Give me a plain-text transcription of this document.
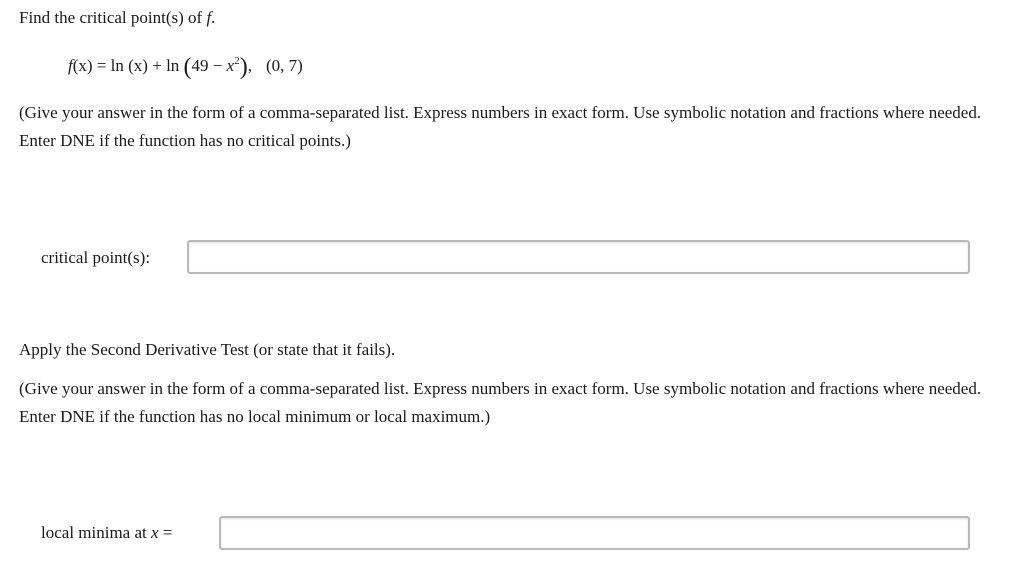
Find the critical point(s) of f.
$f(x) = \ln (x) + \ln (49 - x^2)$, (0, 7)
(Give your answer in the form of a comma-separated list. Express numbers in exact form. Use symbolic notation and fractions where needed. Enter DNE if the function has no critical points.)
critical point(s):
Apply the Second Derivative Test (or state that it fails).
(Give your answer in the form of a comma-separated list. Express numbers in exact form. Use symbolic notation and fractions where needed. Enter DNE if the function has no local minimum or local maximum.)
local minima at x =
